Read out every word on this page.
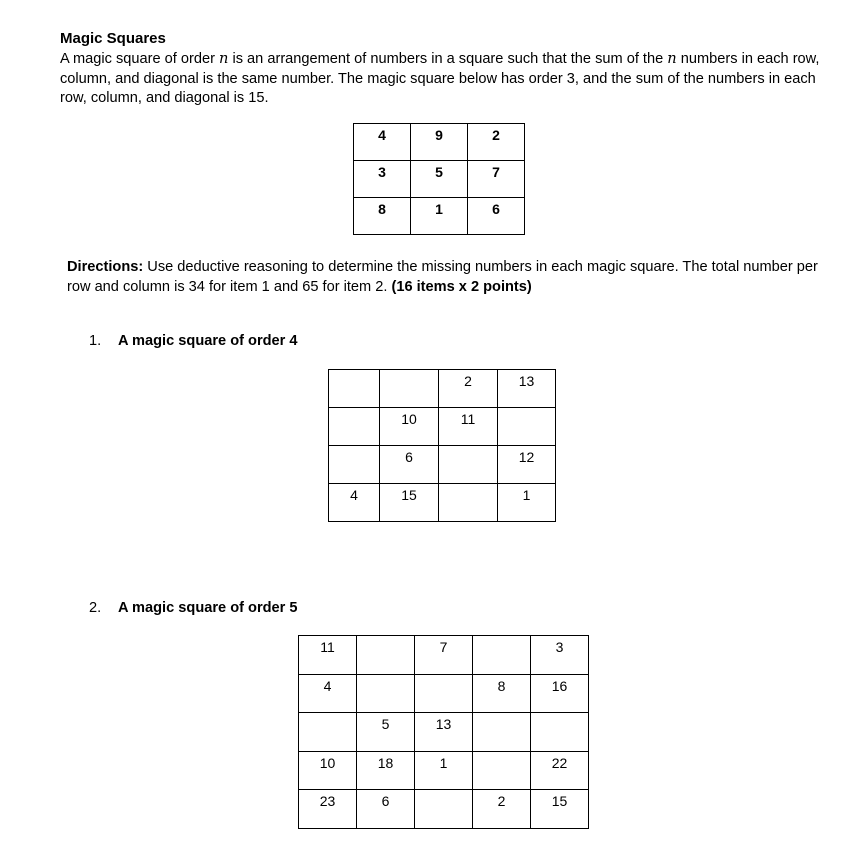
Magic Squares
A magic square of order n is an arrangement of numbers in a square such that the sum of the n numbers in each row, column, and diagonal is the same number. The magic square below has order 3, and the sum of the numbers in each row, column, and diagonal is 15.
4	9	2
3	5	7
8	1	6
Directions: Use deductive reasoning to determine the missing numbers in each magic square. The total number per row and column is 34 for item 1 and 65 for item 2. (16 items x 2 points)
1. A magic square of order 4
		2	13
	10	11	
	6		12
4	15		1
2. A magic square of order 5
11		7		3
4			8	16
	5	13		
10	18	1		22
23	6		2	15
